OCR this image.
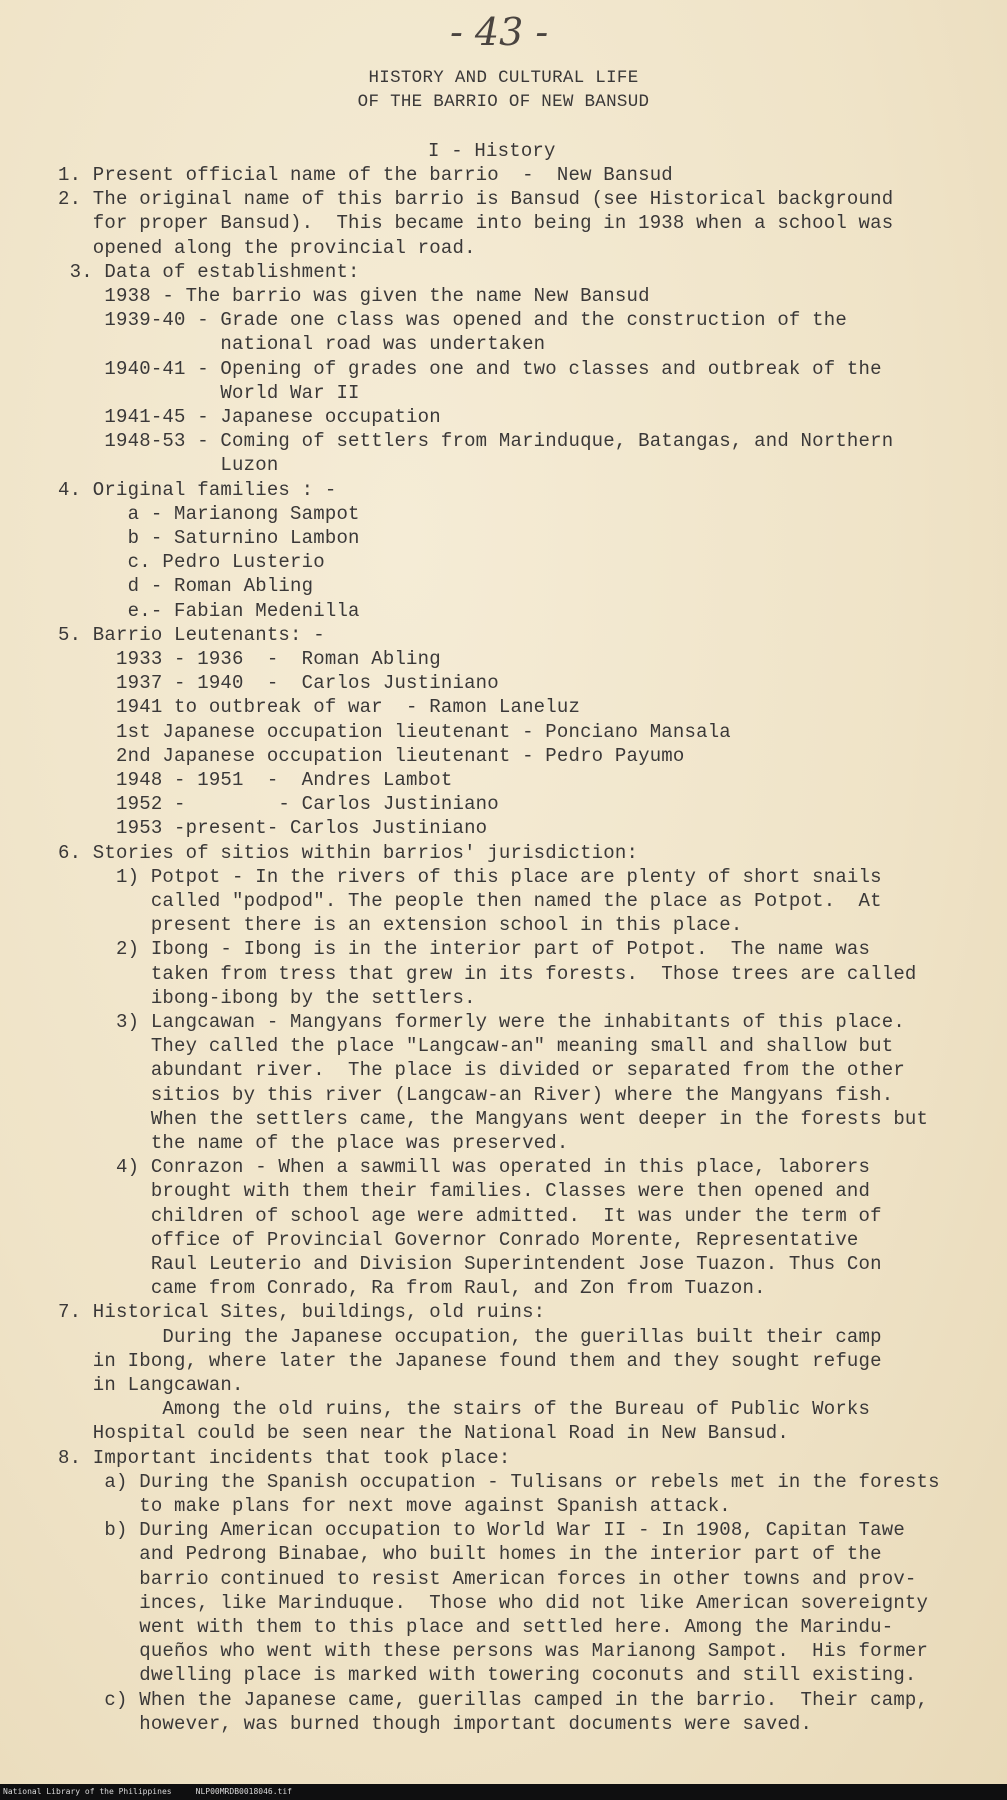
- 43 -
HISTORY AND CULTURAL LIFE
OF THE BARRIO OF NEW BANSUD
I - History
1. Present official name of the barrio  -  New Bansud
2. The original name of this barrio is Bansud (see Historical background
for proper Bansud).  This became into being in 1938 when a school was
opened along the provincial road.
3. Data of establishment:
1938 - The barrio was given the name New Bansud
1939-40 - Grade one class was opened and the construction of the
national road was undertaken
1940-41 - Opening of grades one and two classes and outbreak of the
World War II
1941-45 - Japanese occupation
1948-53 - Coming of settlers from Marinduque, Batangas, and Northern
Luzon
4. Original families : -
a - Marianong Sampot
b - Saturnino Lambon
c. Pedro Lusterio
d - Roman Abling
e.- Fabian Medenilla
5. Barrio Leutenants: -
1933 - 1936  -  Roman Abling
1937 - 1940  -  Carlos Justiniano
1941 to outbreak of war  - Ramon Laneluz
1st Japanese occupation lieutenant - Ponciano Mansala
2nd Japanese occupation lieutenant - Pedro Payumo
1948 - 1951  -  Andres Lambot
1952 -        - Carlos Justiniano
1953 -present- Carlos Justiniano
6. Stories of sitios within barrios' jurisdiction:
1) Potpot - In the rivers of this place are plenty of short snails
called "podpod". The people then named the place as Potpot.  At
present there is an extension school in this place.
2) Ibong - Ibong is in the interior part of Potpot.  The name was
taken from tress that grew in its forests.  Those trees are called
ibong-ibong by the settlers.
3) Langcawan - Mangyans formerly were the inhabitants of this place.
They called the place "Langcaw-an" meaning small and shallow but
abundant river.  The place is divided or separated from the other
sitios by this river (Langcaw-an River) where the Mangyans fish.
When the settlers came, the Mangyans went deeper in the forests but
the name of the place was preserved.
4) Conrazon - When a sawmill was operated in this place, laborers
brought with them their families. Classes were then opened and
children of school age were admitted.  It was under the term of
office of Provincial Governor Conrado Morente, Representative
Raul Leuterio and Division Superintendent Jose Tuazon. Thus Con
came from Conrado, Ra from Raul, and Zon from Tuazon.
7. Historical Sites, buildings, old ruins:
During the Japanese occupation, the guerillas built their camp
in Ibong, where later the Japanese found them and they sought refuge
in Langcawan.
Among the old ruins, the stairs of the Bureau of Public Works
Hospital could be seen near the National Road in New Bansud.
8. Important incidents that took place:
a) During the Spanish occupation - Tulisans or rebels met in the forests
to make plans for next move against Spanish attack.
b) During American occupation to World War II - In 1908, Capitan Tawe
and Pedrong Binabae, who built homes in the interior part of the
barrio continued to resist American forces in other towns and prov-
inces, like Marinduque.  Those who did not like American sovereignty
went with them to this place and settled here. Among the Marindu-
queños who went with these persons was Marianong Sampot.  His former
dwelling place is marked with towering coconuts and still existing.
c) When the Japanese came, guerillas camped in the barrio.  Their camp,
however, was burned though important documents were saved.
National Library of the Philippines     NLP00MRDB0018046.tif
